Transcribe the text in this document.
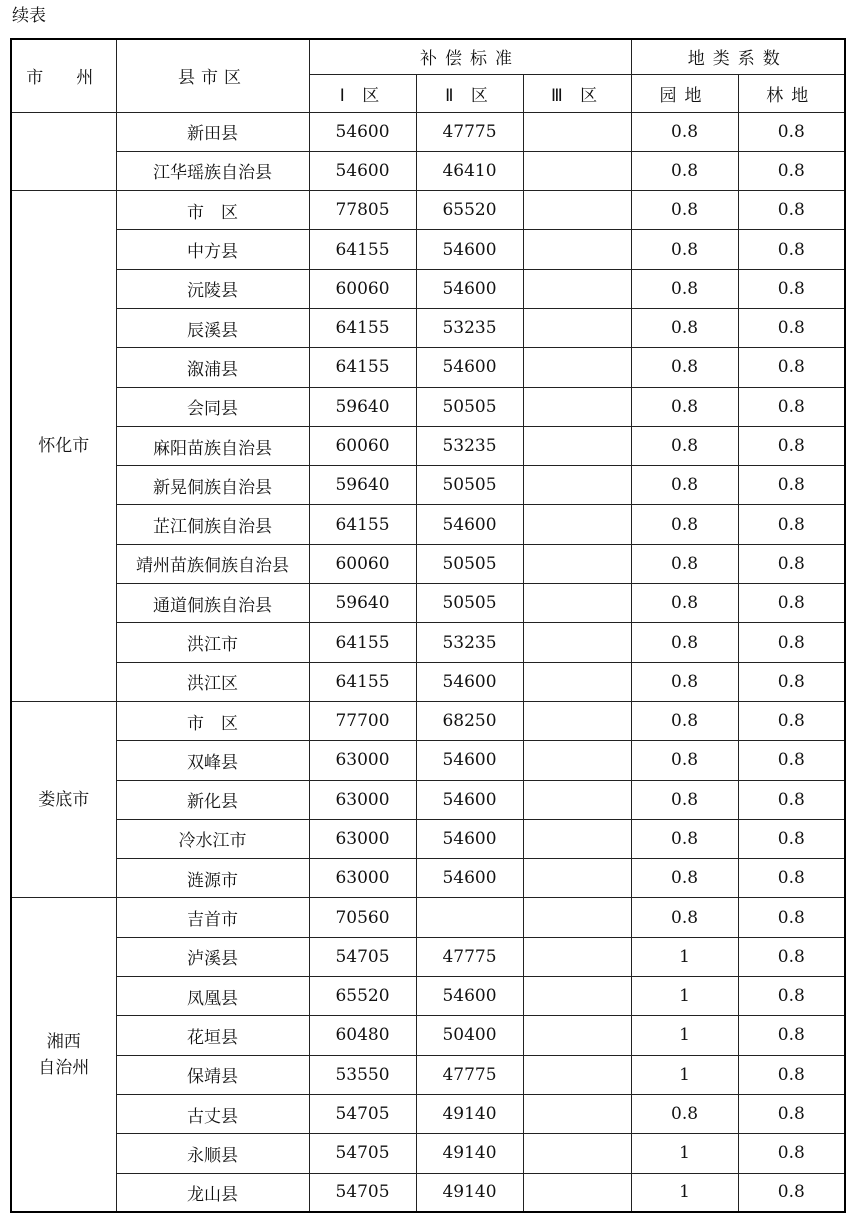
续表
市　州	县市区	补偿标准			地类系数	
		Ⅰ 区	Ⅱ 区	Ⅲ 区	园地	林地
	新田县	54600	47775		0.8	0.8
	江华瑶族自治县	54600	46410		0.8	0.8
怀化市	市　区	77805	65520		0.8	0.8
	中方县	64155	54600		0.8	0.8
	沅陵县	60060	54600		0.8	0.8
	辰溪县	64155	53235		0.8	0.8
	溆浦县	64155	54600		0.8	0.8
	会同县	59640	50505		0.8	0.8
	麻阳苗族自治县	60060	53235		0.8	0.8
	新晃侗族自治县	59640	50505		0.8	0.8
	芷江侗族自治县	64155	54600		0.8	0.8
	靖州苗族侗族自治县	60060	50505		0.8	0.8
	通道侗族自治县	59640	50505		0.8	0.8
	洪江市	64155	53235		0.8	0.8
	洪江区	64155	54600		0.8	0.8
娄底市	市　区	77700	68250		0.8	0.8
	双峰县	63000	54600		0.8	0.8
	新化县	63000	54600		0.8	0.8
	冷水江市	63000	54600		0.8	0.8
	涟源市	63000	54600		0.8	0.8
湘西
自治州	吉首市	70560			0.8	0.8
	泸溪县	54705	47775		1	0.8
	凤凰县	65520	54600		1	0.8
	花垣县	60480	50400		1	0.8
	保靖县	53550	47775		1	0.8
	古丈县	54705	49140		0.8	0.8
	永顺县	54705	49140		1	0.8
	龙山县	54705	49140		1	0.8
